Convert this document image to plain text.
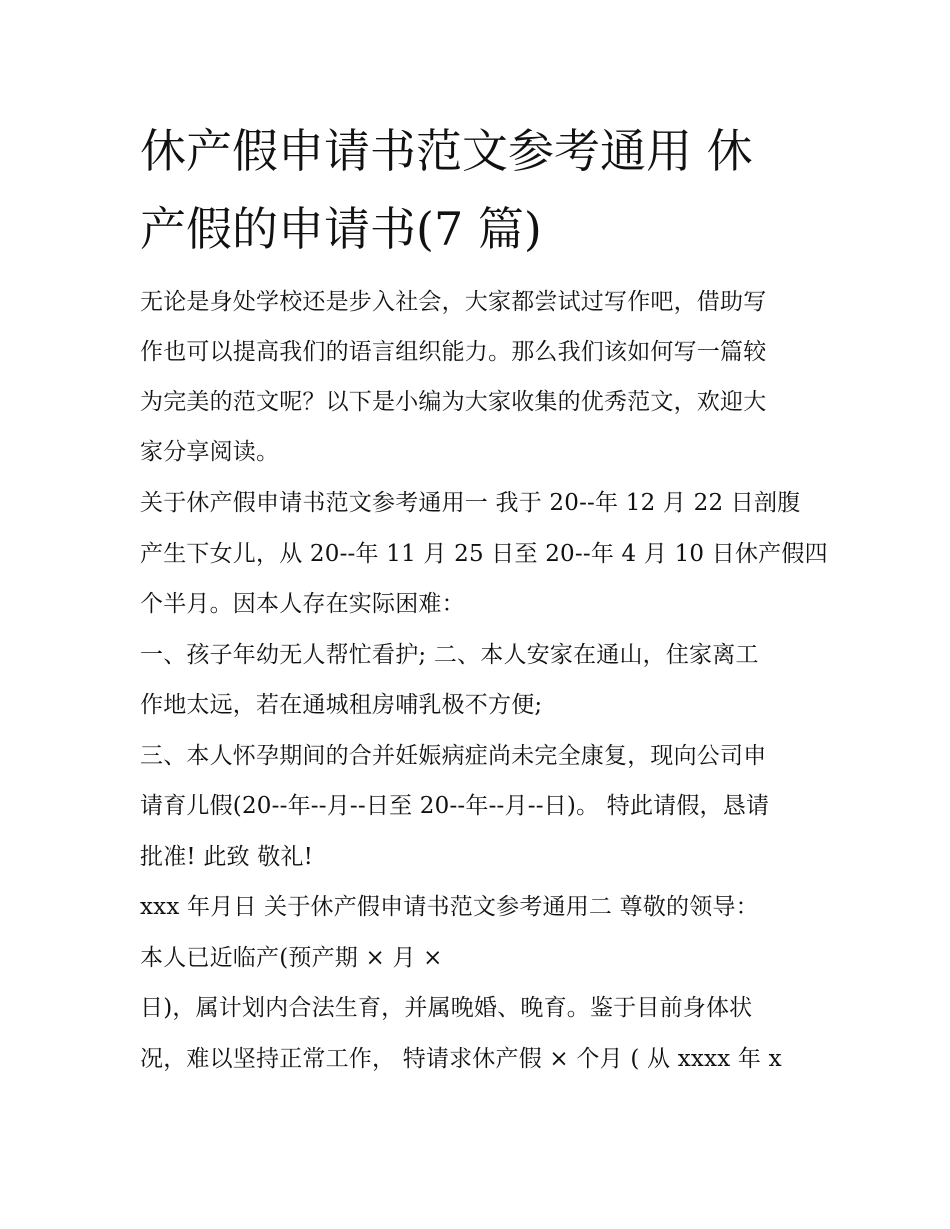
休产假申请书范文参考通用 休
产假的申请书(7 篇)

无论是身处学校还是步入社会，大家都尝试过写作吧，借助写

作也可以提高我们的语言组织能力。那么我们该如何写一篇较

为完美的范文呢？以下是小编为大家收集的优秀范文，欢迎大

家分享阅读。

关于休产假申请书范文参考通用一 我于 20--年 12 月 22 日剖腹

产生下女儿，从 20--年 11 月 25 日至 20--年 4 月 10 日休产假四

个半月。因本人存在实际困难：

一、孩子年幼无人帮忙看护; 二、本人安家在通山，住家离工

作地太远，若在通城租房哺乳极不方便;

三、本人怀孕期间的合并妊娠病症尚未完全康复，现向公司申

请育儿假(20--年--月--日至 20--年--月--日)。 特此请假，恳请

批准! 此致 敬礼!

xxx 年月日 关于休产假申请书范文参考通用二 尊敬的领导：

本人已近临产(预产期 × 月 ×

日)，属计划内合法生育，并属晚婚、晚育。鉴于目前身体状

况，难以坚持正常工作， 特请求休产假 × 个月 ( 从 xxxx 年 x
